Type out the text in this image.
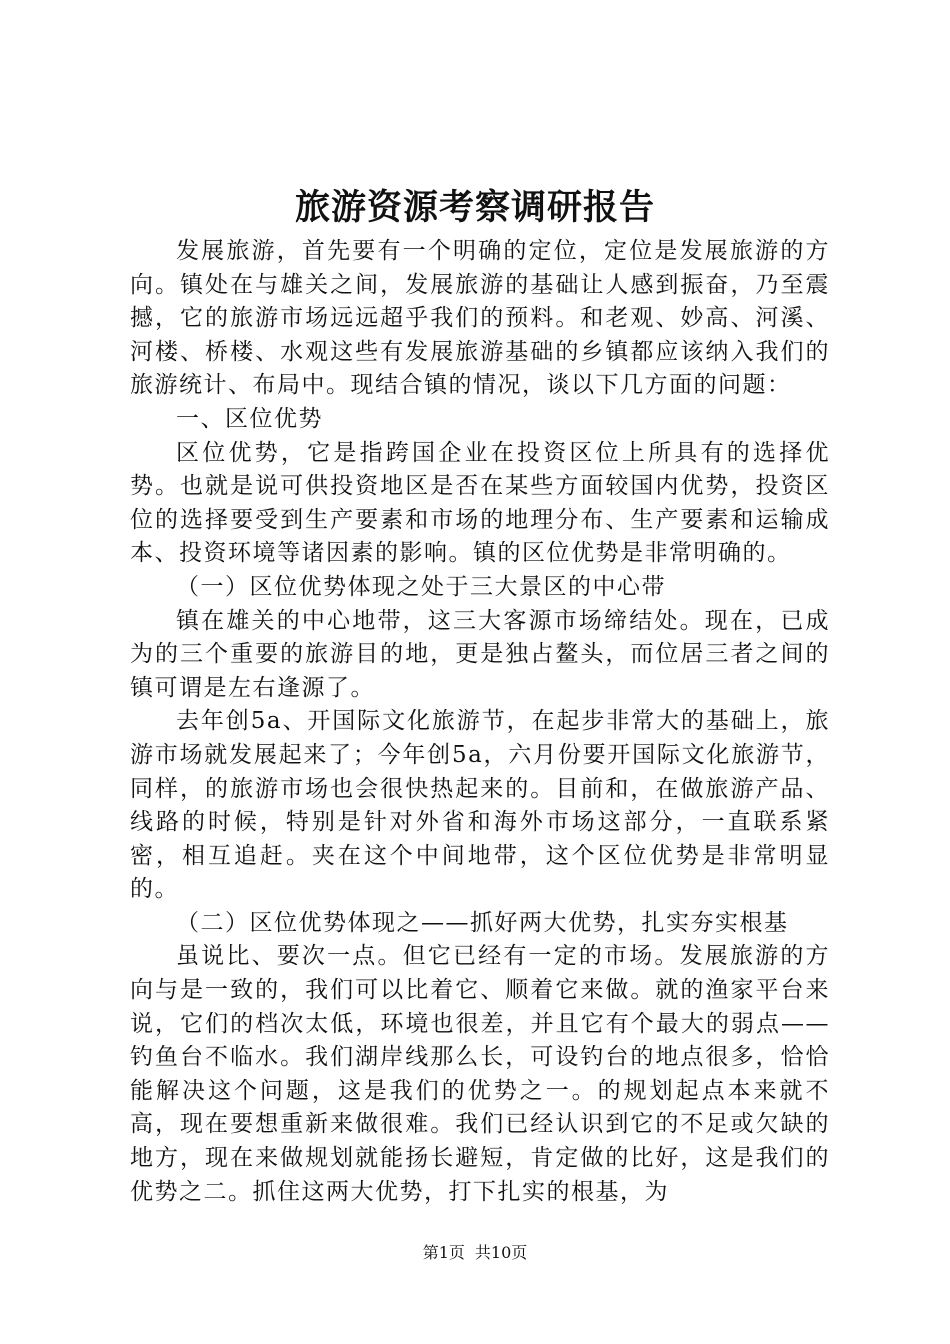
旅游资源考察调研报告

发展旅游，首先要有一个明确的定位，定位是发展旅游的方向。镇处在与雄关之间，发展旅游的基础让人感到振奋，乃至震撼，它的旅游市场远远超乎我们的预料。和老观、妙高、河溪、河楼、桥楼、水观这些有发展旅游基础的乡镇都应该纳入我们的旅游统计、布局中。现结合镇的情况，谈以下几方面的问题：

一、区位优势

区位优势，它是指跨国企业在投资区位上所具有的选择优势。也就是说可供投资地区是否在某些方面较国内优势，投资区位的选择要受到生产要素和市场的地理分布、生产要素和运输成本、投资环境等诸因素的影响。镇的区位优势是非常明确的。

（一）区位优势体现之处于三大景区的中心带

镇在雄关的中心地带，这三大客源市场缔结处。现在，已成为的三个重要的旅游目的地，更是独占鳌头，而位居三者之间的镇可谓是左右逢源了。

去年创5a、开国际文化旅游节，在起步非常大的基础上，旅游市场就发展起来了；今年创5a，六月份要开国际文化旅游节，同样，的旅游市场也会很快热起来的。目前和，在做旅游产品、线路的时候，特别是针对外省和海外市场这部分，一直联系紧密，相互追赶。夹在这个中间地带，这个区位优势是非常明显的。

（二）区位优势体现之——抓好两大优势，扎实夯实根基

虽说比、要次一点。但它已经有一定的市场。发展旅游的方向与是一致的，我们可以比着它、顺着它来做。就的渔家平台来说，它们的档次太低，环境也很差，并且它有个最大的弱点——钓鱼台不临水。我们湖岸线那么长，可设钓台的地点很多，恰恰能解决这个问题，这是我们的优势之一。的规划起点本来就不高，现在要想重新来做很难。我们已经认识到它的不足或欠缺的地方，现在来做规划就能扬长避短，肯定做的比好，这是我们的优势之二。抓住这两大优势，打下扎实的根基，为

第1页 共10页
